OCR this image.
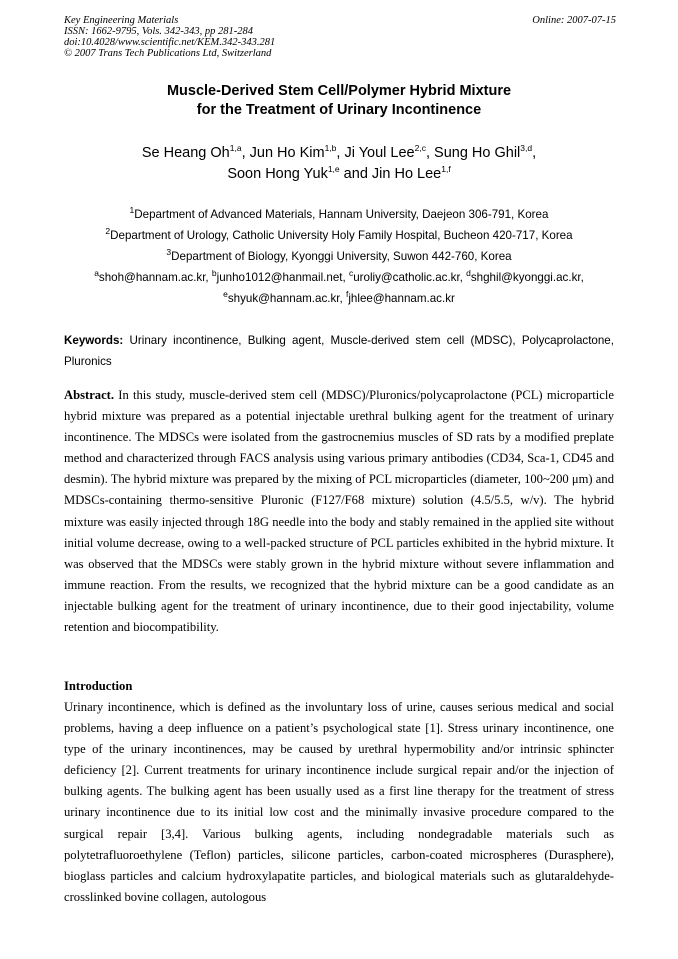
Key Engineering Materials
ISSN: 1662-9795, Vols. 342-343, pp 281-284
doi:10.4028/www.scientific.net/KEM.342-343.281
© 2007 Trans Tech Publications Ltd, Switzerland
Online: 2007-07-15
Muscle-Derived Stem Cell/Polymer Hybrid Mixture
for the Treatment of Urinary Incontinence
Se Heang Oh$^{1,a}$, Jun Ho Kim$^{1,b}$, Ji Youl Lee$^{2,c}$, Sung Ho Ghil$^{3,d}$,
Soon Hong Yuk$^{1,e}$ and Jin Ho Lee$^{1,f}$
$^1$Department of Advanced Materials, Hannam University, Daejeon 306-791, Korea
$^2$Department of Urology, Catholic University Holy Family Hospital, Bucheon 420-717, Korea
$^3$Department of Biology, Kyonggi University, Suwon 442-760, Korea
$^a$shoh@hannam.ac.kr, $^b$junho1012@hanmail.net, $^c$uroliy@catholic.ac.kr, $^d$shghil@kyonggi.ac.kr,
$^e$shyuk@hannam.ac.kr, $^f$jhlee@hannam.ac.kr
Keywords: Urinary incontinence, Bulking agent, Muscle-derived stem cell (MDSC), Polycaprolactone, Pluronics
Abstract. In this study, muscle-derived stem cell (MDSC)/Pluronics/polycaprolactone (PCL) microparticle hybrid mixture was prepared as a potential injectable urethral bulking agent for the treatment of urinary incontinence. The MDSCs were isolated from the gastrocnemius muscles of SD rats by a modified preplate method and characterized through FACS analysis using various primary antibodies (CD34, Sca-1, CD45 and desmin). The hybrid mixture was prepared by the mixing of PCL microparticles (diameter, 100~200 μm) and MDSCs-containing thermo-sensitive Pluronic (F127/F68 mixture) solution (4.5/5.5, w/v). The hybrid mixture was easily injected through 18G needle into the body and stably remained in the applied site without initial volume decrease, owing to a well-packed structure of PCL particles exhibited in the hybrid mixture. It was observed that the MDSCs were stably grown in the hybrid mixture without severe inflammation and immune reaction. From the results, we recognized that the hybrid mixture can be a good candidate as an injectable bulking agent for the treatment of urinary incontinence, due to their good injectability, volume retention and biocompatibility.
Introduction
Urinary incontinence, which is defined as the involuntary loss of urine, causes serious medical and social problems, having a deep influence on a patient’s psychological state [1]. Stress urinary incontinence, one type of the urinary incontinences, may be caused by urethral hypermobility and/or intrinsic sphincter deficiency [2]. Current treatments for urinary incontinence include surgical repair and/or the injection of bulking agents. The bulking agent has been usually used as a first line therapy for the treatment of stress urinary incontinence due to its initial low cost and the minimally invasive procedure compared to the surgical repair [3,4]. Various bulking agents, including nondegradable materials such as polytetrafluoroethylene (Teflon) particles, silicone particles, carbon-coated microspheres (Durasphere), bioglass particles and calcium hydroxylapatite particles, and biological materials such as glutaraldehyde-crosslinked bovine collagen, autologous
